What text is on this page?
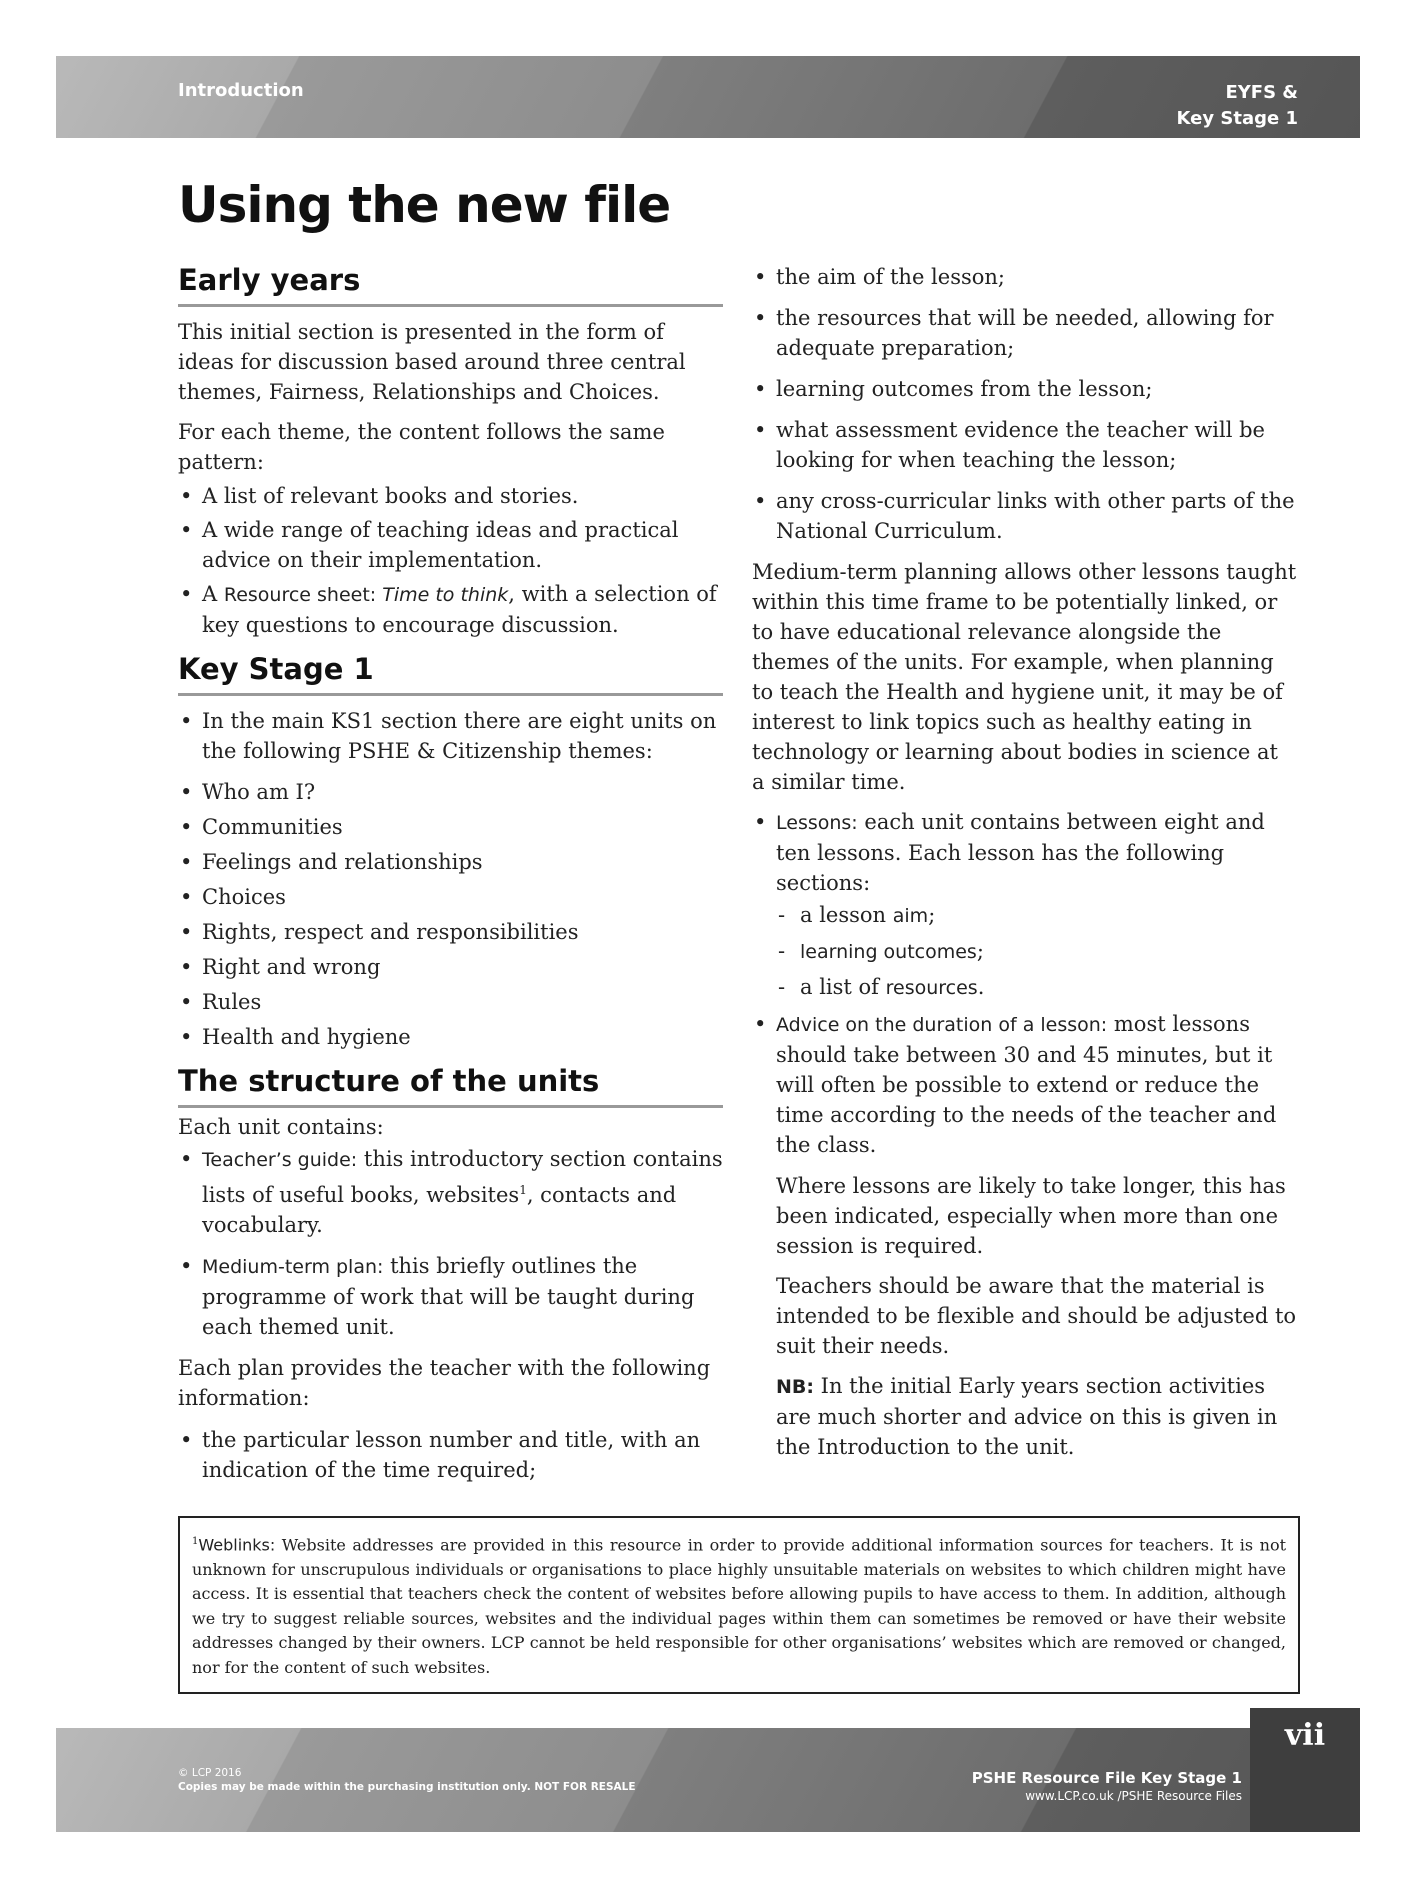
Introduction	EYFS &
Key Stage 1
Using the new file
Early years

This initial section is presented in the form of ideas for discussion based around three central themes, Fairness, Relationships and Choices.

For each theme, the content follows the same pattern:

• A list of relevant books and stories.
• A wide range of teaching ideas and practical advice on their implementation.
• A Resource sheet: Time to think, with a selection of key questions to encourage discussion.
Key Stage 1
• In the main KS1 section there are eight units on the following PSHE & Citizenship themes:
• Who am I?
• Communities
• Feelings and relationships
• Choices
• Rights, respect and responsibilities
• Right and wrong
• Rules
• Health and hygiene
The structure of the units

Each unit contains:

• Teacher’s guide: this introductory section contains lists of useful books, websites$^1$, contacts and vocabulary.
• Medium-term plan: this briefly outlines the programme of work that will be taught during each themed unit.

Each plan provides the teacher with the following information:

• the particular lesson number and title, with an indication of the time required;
• the aim of the lesson;
• the resources that will be needed, allowing for adequate preparation;
• learning outcomes from the lesson;
• what assessment evidence the teacher will be looking for when teaching the lesson;
• any cross-curricular links with other parts of the National Curriculum.

Medium-term planning allows other lessons taught within this time frame to be potentially linked, or to have educational relevance alongside the themes of the units. For example, when planning to teach the Health and hygiene unit, it may be of interest to link topics such as healthy eating in technology or learning about bodies in science at a similar time.

• Lessons: each unit contains between eight and ten lessons. Each lesson has the following sections:
- a lesson aim;
- learning outcomes;
- a list of resources.
• Advice on the duration of a lesson: most lessons should take between 30 and 45 minutes, but it will often be possible to extend or reduce the time according to the needs of the teacher and the class.

Where lessons are likely to take longer, this has been indicated, especially when more than one session is required.

Teachers should be aware that the material is intended to be flexible and should be adjusted to suit their needs.

NB: In the initial Early years section activities are much shorter and advice on this is given in the Introduction to the unit.

$^1$Weblinks: Website addresses are provided in this resource in order to provide additional information sources for teachers. It is not unknown for unscrupulous individuals or organisations to place highly unsuitable materials on websites to which children might have access. It is essential that teachers check the content of websites before allowing pupils to have access to them. In addition, although we try to suggest reliable sources, websites and the individual pages within them can sometimes be removed or have their website addresses changed by their owners. LCP cannot be held responsible for other organisations’ websites which are removed or changed, nor for the content of such websites.
© LCP 2016
Copies may be made within the purchasing institution only. NOT FOR RESALE	PSHE Resource File Key Stage 1
www.LCP.co.uk /PSHE Resource Files
vii
